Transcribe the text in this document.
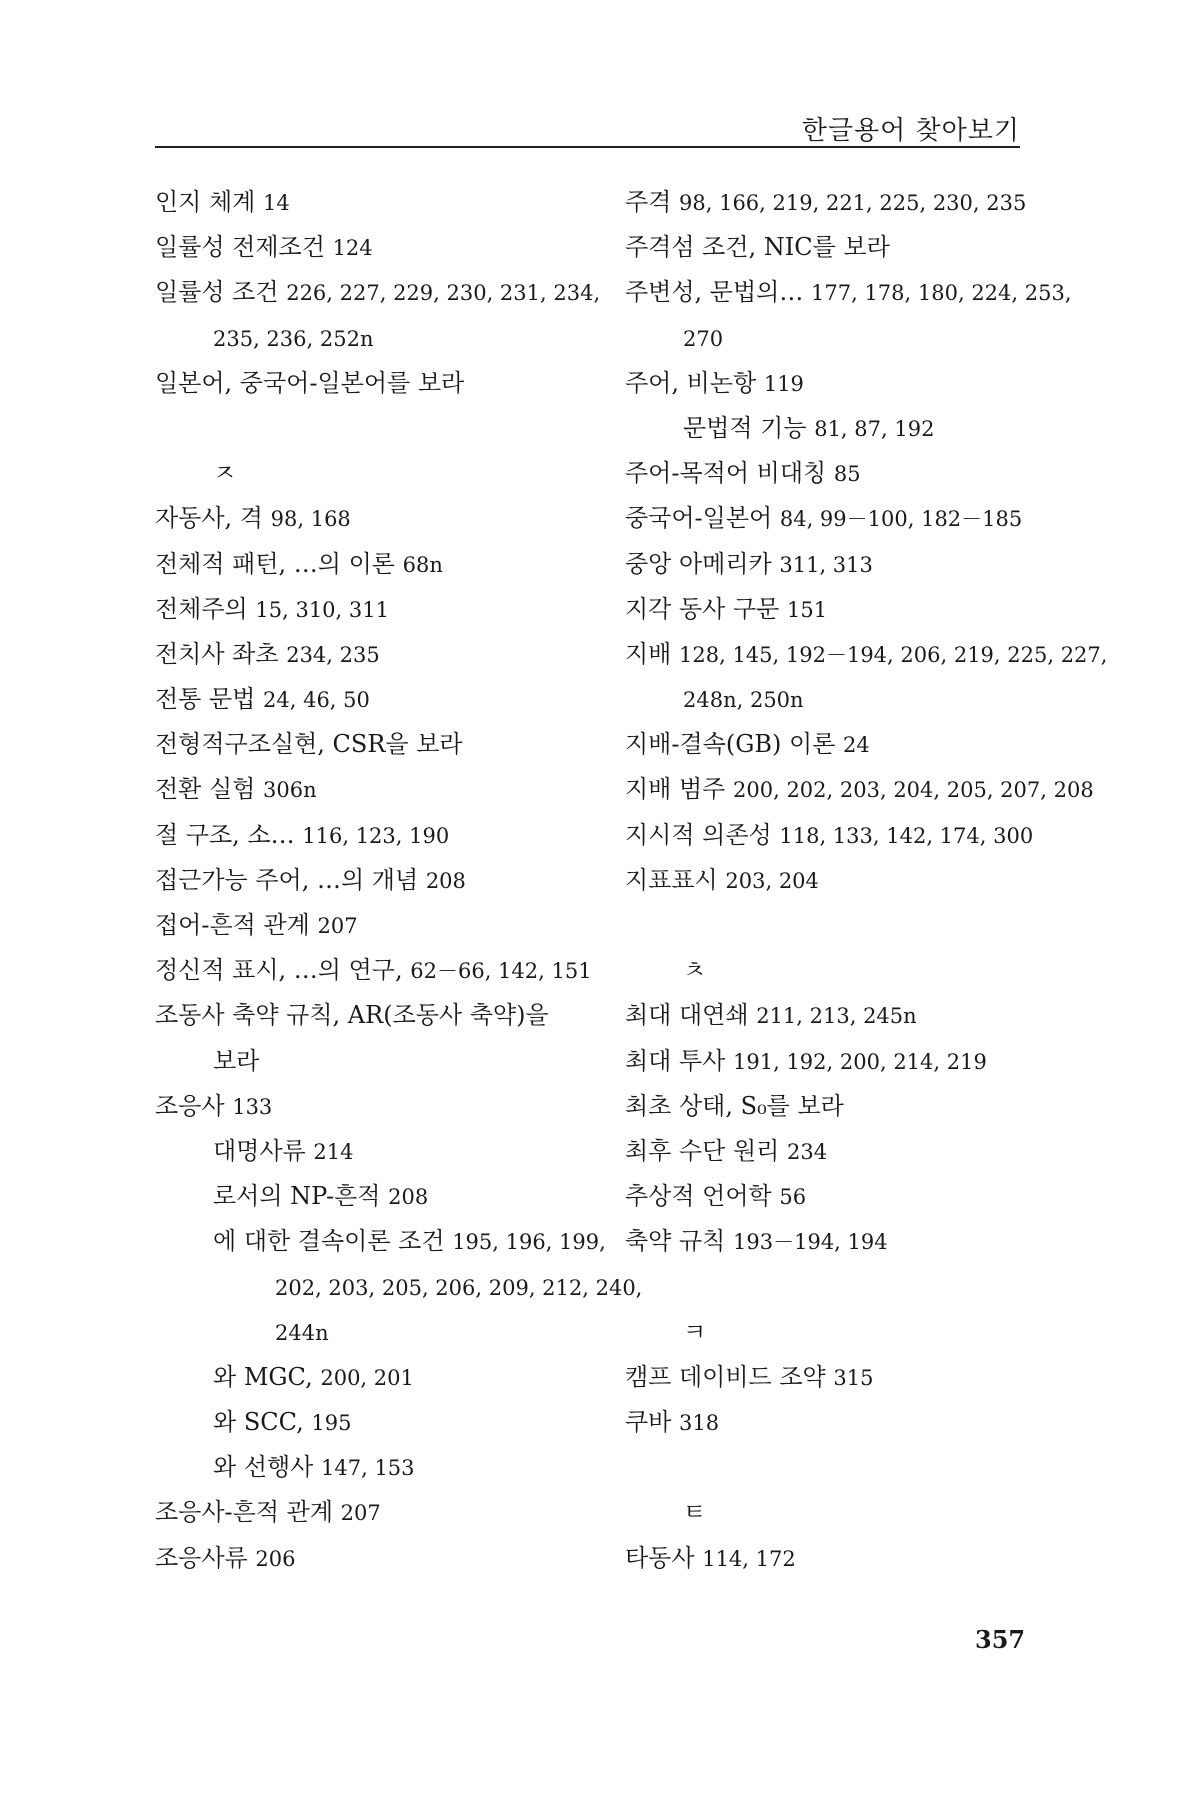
한글용어 찾아보기
인지 체계 14
일률성 전제조건 124
일률성 조건 226, 227, 229, 230, 231, 234,
235, 236, 252n
일본어, 중국어-일본어를 보라
ㅈ
자동사, 격 98, 168
전체적 패턴, …의 이론 68n
전체주의 15, 310, 311
전치사 좌초 234, 235
전통 문법 24, 46, 50
전형적구조실현, CSR을 보라
전환 실험 306n
절 구조, 소… 116, 123, 190
접근가능 주어, …의 개념 208
접어-흔적 관계 207
정신적 표시, …의 연구, 62－66, 142, 151
조동사 축약 규칙, AR(조동사 축약)을
보라
조응사 133
대명사류 214
로서의 NP-흔적 208
에 대한 결속이론 조건 195, 196, 199,
202, 203, 205, 206, 209, 212, 240,
244n
와 MGC, 200, 201
와 SCC, 195
와 선행사 147, 153
조응사-흔적 관계 207
조응사류 206
주격 98, 166, 219, 221, 225, 230, 235
주격섬 조건, NIC를 보라
주변성, 문법의… 177, 178, 180, 224, 253,
270
주어, 비논항 119
문법적 기능 81, 87, 192
주어-목적어 비대칭 85
중국어-일본어 84, 99－100, 182－185
중앙 아메리카 311, 313
지각 동사 구문 151
지배 128, 145, 192－194, 206, 219, 225, 227,
248n, 250n
지배-결속(GB) 이론 24
지배 범주 200, 202, 203, 204, 205, 207, 208
지시적 의존성 118, 133, 142, 174, 300
지표표시 203, 204
ㅊ
최대 대연쇄 211, 213, 245n
최대 투사 191, 192, 200, 214, 219
최초 상태, S₀를 보라
최후 수단 원리 234
추상적 언어학 56
축약 규칙 193－194, 194
ㅋ
캠프 데이비드 조약 315
쿠바 318
ㅌ
타동사 114, 172
357
